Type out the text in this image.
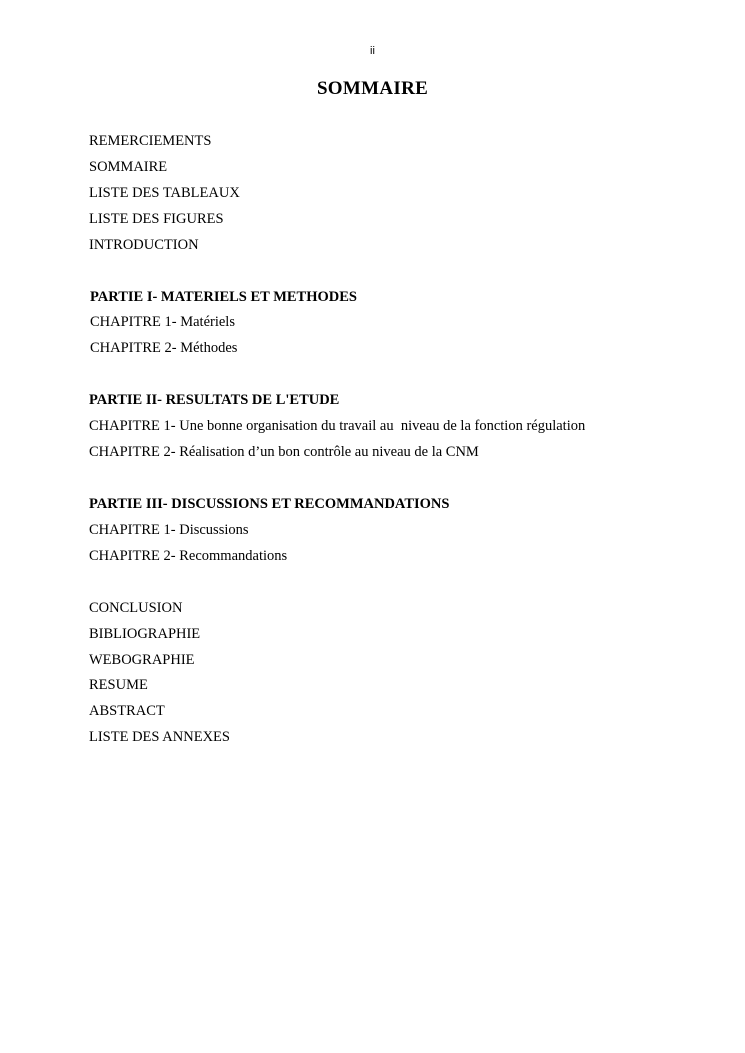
ii
SOMMAIRE
REMERCIEMENTS
SOMMAIRE
LISTE DES TABLEAUX
LISTE DES FIGURES
INTRODUCTION
PARTIE I- MATERIELS ET METHODES
CHAPITRE 1- Matériels
CHAPITRE 2- Méthodes
PARTIE II- RESULTATS DE L'ETUDE
CHAPITRE 1- Une bonne organisation du travail au  niveau de la fonction régulation
CHAPITRE 2- Réalisation d’un bon contrôle au niveau de la CNM
PARTIE III- DISCUSSIONS ET RECOMMANDATIONS
CHAPITRE 1- Discussions
CHAPITRE 2- Recommandations
CONCLUSION
BIBLIOGRAPHIE
WEBOGRAPHIE
RESUME
ABSTRACT
LISTE DES ANNEXES
